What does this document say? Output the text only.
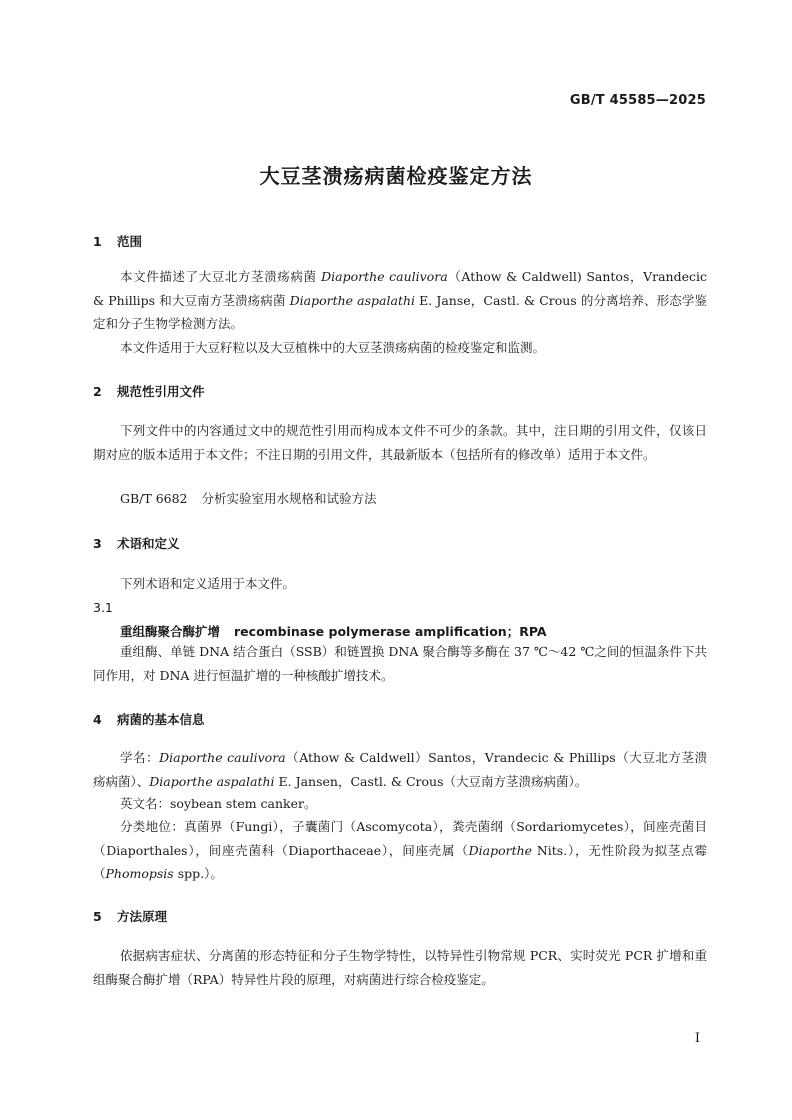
GB/T 45585—2025
大豆茎溃疡病菌检疫鉴定方法
1 范围
本文件描述了大豆北方茎溃疡病菌 Diaporthe caulivora（Athow & Caldwell) Santos，Vrandecic & Phillips 和大豆南方茎溃疡病菌 Diaporthe aspalathi E. Janse，Castl. & Crous 的分离培养、形态学鉴定和分子生物学检测方法。
本文件适用于大豆籽粒以及大豆植株中的大豆茎溃疡病菌的检疫鉴定和监测。
2 规范性引用文件
下列文件中的内容通过文中的规范性引用而构成本文件不可少的条款。其中，注日期的引用文件，仅该日期对应的版本适用于本文件；不注日期的引用文件，其最新版本（包括所有的修改单）适用于本文件。
GB/T 6682 分析实验室用水规格和试验方法
3 术语和定义
下列术语和定义适用于本文件。
3.1
重组酶聚合酶扩增 recombinase polymerase amplification；RPA
重组酶、单链 DNA 结合蛋白（SSB）和链置换 DNA 聚合酶等多酶在 37 ℃～42 ℃之间的恒温条件下共同作用，对 DNA 进行恒温扩增的一种核酸扩增技术。
4 病菌的基本信息
学名：Diaporthe caulivora（Athow & Caldwell）Santos，Vrandecic & Phillips（大豆北方茎溃疡病菌）、Diaporthe aspalathi E. Jansen，Castl. & Crous（大豆南方茎溃疡病菌）。
英文名：soybean stem canker。
分类地位：真菌界（Fungi），子囊菌门（Ascomycota），粪壳菌纲（Sordariomycetes），间座壳菌目（Diaporthales），间座壳菌科（Diaporthaceae），间座壳属（Diaporthe Nits.），无性阶段为拟茎点霉（Phomopsis spp.）。
5 方法原理
依据病害症状、分离菌的形态特征和分子生物学特性，以特异性引物常规 PCR、实时荧光 PCR 扩增和重组酶聚合酶扩增（RPA）特异性片段的原理，对病菌进行综合检疫鉴定。
I
